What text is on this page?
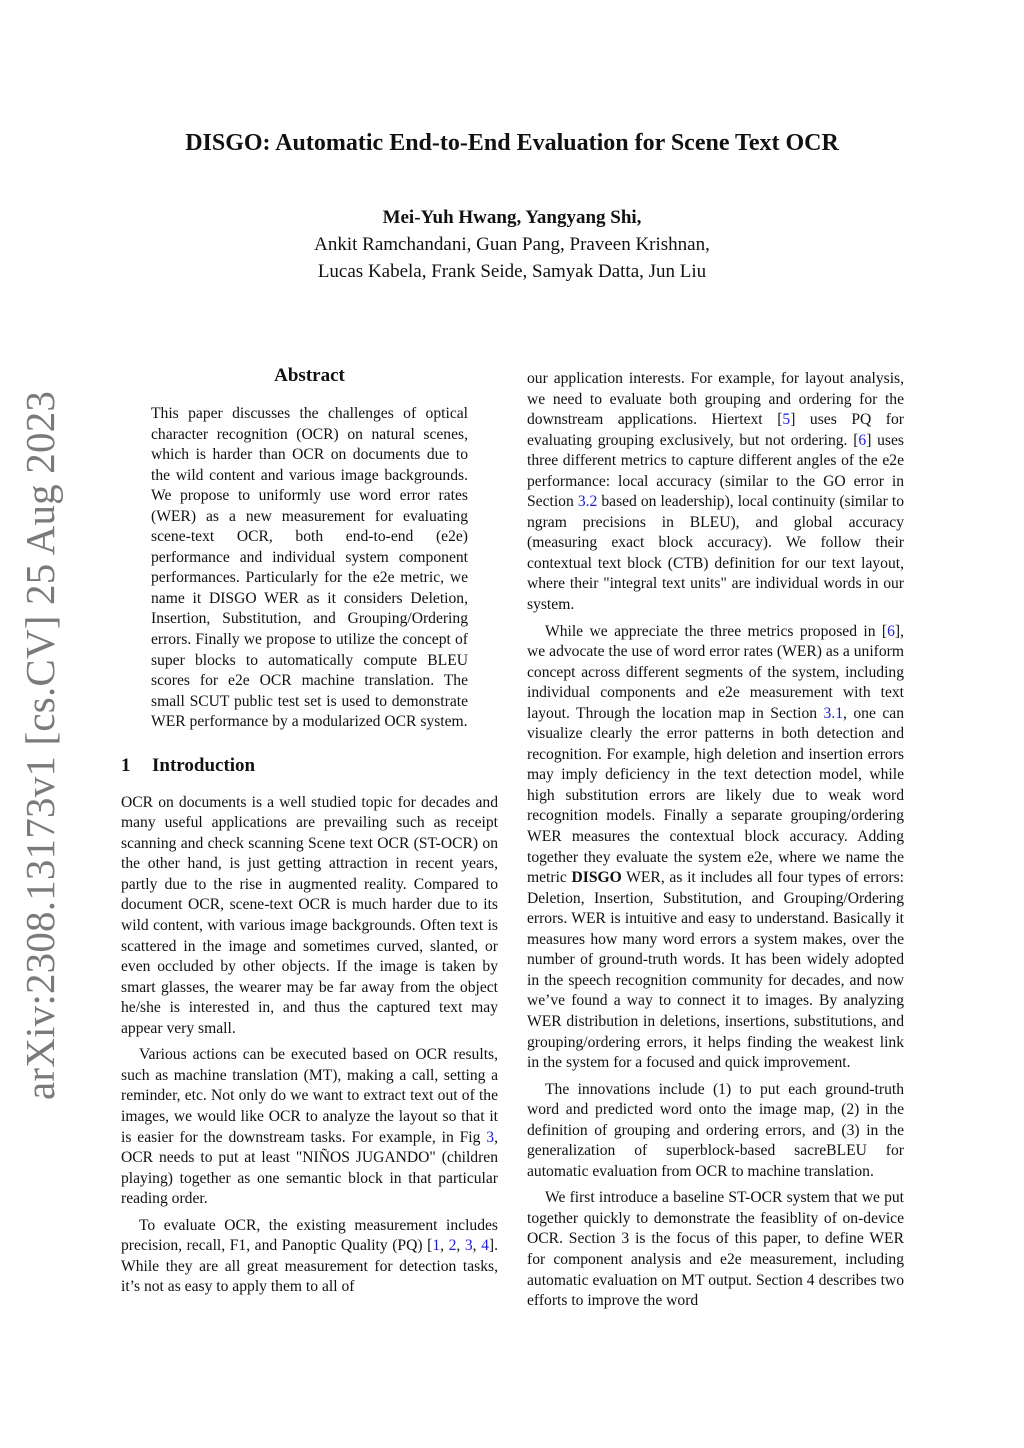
arXiv:2308.13173v1 [cs.CV] 25 Aug 2023
DISGO: Automatic End-to-End Evaluation for Scene Text OCR
Mei-Yuh Hwang, Yangyang Shi,
Ankit Ramchandani, Guan Pang, Praveen Krishnan,
Lucas Kabela, Frank Seide, Samyak Datta, Jun Liu
Abstract

This paper discusses the challenges of optical character recognition (OCR) on natural scenes, which is harder than OCR on documents due to the wild content and various image backgrounds. We propose to uniformly use word error rates (WER) as a new measurement for evaluating scene-text OCR, both end-to-end (e2e) performance and individual system component performances. Particularly for the e2e metric, we name it DISGO WER as it considers Deletion, Insertion, Substitution, and Grouping/Ordering errors. Finally we propose to utilize the concept of super blocks to automatically compute BLEU scores for e2e OCR machine translation. The small SCUT public test set is used to demonstrate WER performance by a modularized OCR system.

1 Introduction

OCR on documents is a well studied topic for decades and many useful applications are prevailing such as receipt scanning and check scanning Scene text OCR (ST-OCR) on the other hand, is just getting attraction in recent years, partly due to the rise in augmented reality. Compared to document OCR, scene-text OCR is much harder due to its wild content, with various image backgrounds. Often text is scattered in the image and sometimes curved, slanted, or even occluded by other objects. If the image is taken by smart glasses, the wearer may be far away from the object he/she is interested in, and thus the captured text may appear very small.

Various actions can be executed based on OCR results, such as machine translation (MT), making a call, setting a reminder, etc. Not only do we want to extract text out of the images, we would like OCR to analyze the layout so that it is easier for the downstream tasks. For example, in Fig 3, OCR needs to put at least "NIÑOS JUGANDO" (children playing) together as one semantic block in that particular reading order.

To evaluate OCR, the existing measurement includes precision, recall, F1, and Panoptic Quality (PQ) [1, 2, 3, 4]. While they are all great measurement for detection tasks, it’s not as easy to apply them to all of

our application interests. For example, for layout analysis, we need to evaluate both grouping and ordering for the downstream applications. Hiertext [5] uses PQ for evaluating grouping exclusively, but not ordering. [6] uses three different metrics to capture different angles of the e2e performance: local accuracy (similar to the GO error in Section 3.2 based on leadership), local continuity (similar to ngram precisions in BLEU), and global accuracy (measuring exact block accuracy). We follow their contextual text block (CTB) definition for our text layout, where their "integral text units" are individual words in our system.

While we appreciate the three metrics proposed in [6], we advocate the use of word error rates (WER) as a uniform concept across different segments of the system, including individual components and e2e measurement with text layout. Through the location map in Section 3.1, one can visualize clearly the error patterns in both detection and recognition. For example, high deletion and insertion errors may imply deficiency in the text detection model, while high substitution errors are likely due to weak word recognition models. Finally a separate grouping/ordering WER measures the contextual block accuracy. Adding together they evaluate the system e2e, where we name the metric DISGO WER, as it includes all four types of errors: Deletion, Insertion, Substitution, and Grouping/Ordering errors. WER is intuitive and easy to understand. Basically it measures how many word errors a system makes, over the number of ground-truth words. It has been widely adopted in the speech recognition community for decades, and now we’ve found a way to connect it to images. By analyzing WER distribution in deletions, insertions, substitutions, and grouping/ordering errors, it helps finding the weakest link in the system for a focused and quick improvement.

The innovations include (1) to put each ground-truth word and predicted word onto the image map, (2) in the definition of grouping and ordering errors, and (3) in the generalization of superblock-based sacreBLEU for automatic evaluation from OCR to machine translation.

We first introduce a baseline ST-OCR system that we put together quickly to demonstrate the feasiblity of on-device OCR. Section 3 is the focus of this paper, to define WER for component analysis and e2e measurement, including automatic evaluation on MT output. Section 4 describes two efforts to improve the word
